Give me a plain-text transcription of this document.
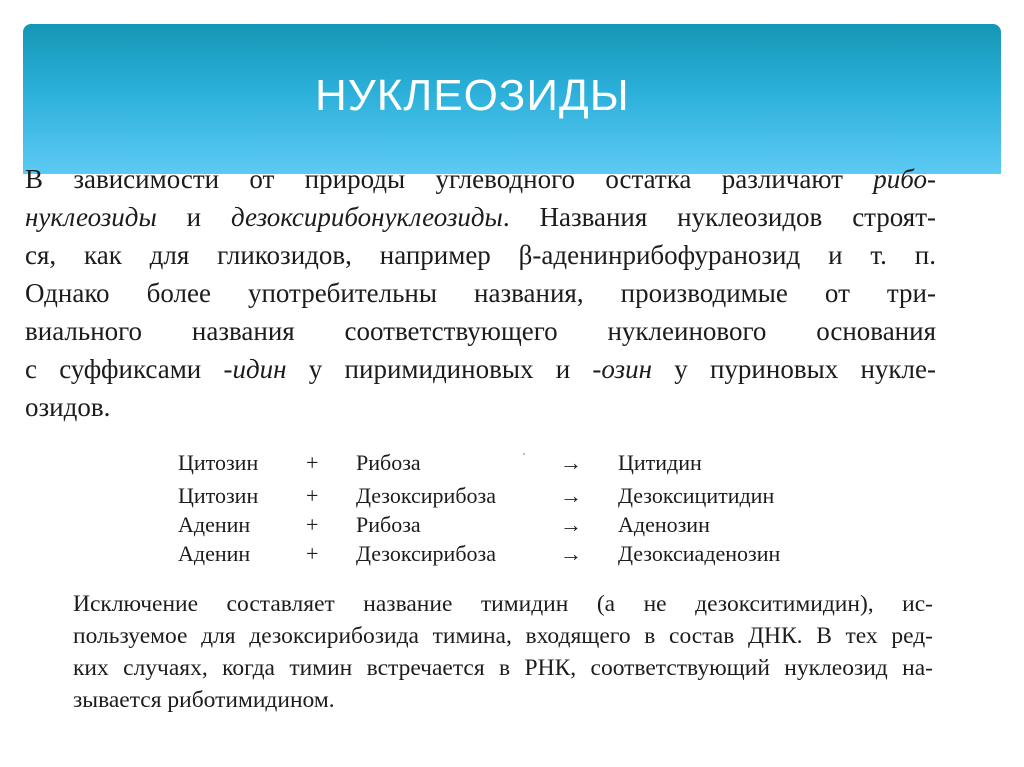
НУКЛЕОЗИДЫ
В зависимости от природы углеводного остатка различают рибо-
нуклеозиды и дезоксирибонуклеозиды. Названия нуклеозидов строят-
ся, как для гликозидов, например β-аденинрибофуранозид и т. п.
Однако более употребительны названия, производимые от три-
виального названия соответствующего нуклеинового основания
с суффиксами -идин у пиримидиновых и -озин у пуриновых нукле-
озидов.
Цитозин + Рибоза	→ Цитидин
Цитозин + Дезоксирибоза	→ Дезоксицитидин
Аденин	+ Рибоза	→ Аденозин
Аденин	+ Дезоксирибоза	→ Дезоксиаденозин
Исключение составляет название тимидин (а не дезокситимидин), ис-
пользуемое для дезоксирибозида тимина, входящего в состав ДНК. В тех ред-
ких случаях, когда тимин встречается в РНК, соответствующий нуклеозид на-
зывается риботимидином.
